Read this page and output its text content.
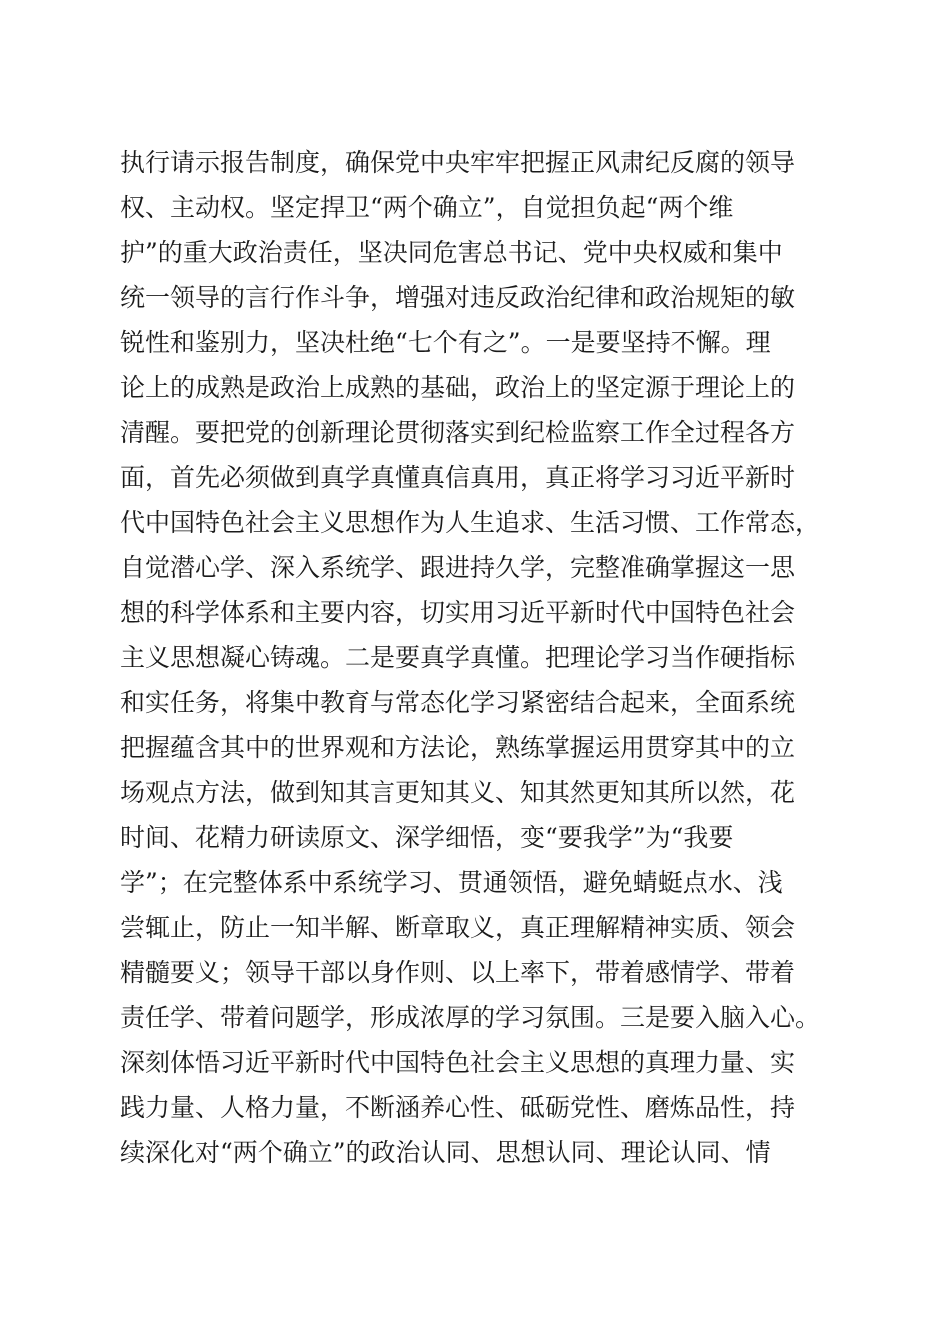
执行请示报告制度，确保党中央牢牢把握正风肃纪反腐的领导
权、主动权。坚定捍卫“两个确立”，自觉担负起“两个维
护”的重大政治责任，坚决同危害总书记、党中央权威和集中
统一领导的言行作斗争，增强对违反政治纪律和政治规矩的敏
锐性和鉴别力，坚决杜绝“七个有之”。一是要坚持不懈。理
论上的成熟是政治上成熟的基础，政治上的坚定源于理论上的
清醒。要把党的创新理论贯彻落实到纪检监察工作全过程各方
面，首先必须做到真学真懂真信真用，真正将学习习近平新时
代中国特色社会主义思想作为人生追求、生活习惯、工作常态，
自觉潜心学、深入系统学、跟进持久学，完整准确掌握这一思
想的科学体系和主要内容，切实用习近平新时代中国特色社会
主义思想凝心铸魂。二是要真学真懂。把理论学习当作硬指标
和实任务，将集中教育与常态化学习紧密结合起来，全面系统
把握蕴含其中的世界观和方法论，熟练掌握运用贯穿其中的立
场观点方法，做到知其言更知其义、知其然更知其所以然，花
时间、花精力研读原文、深学细悟，变“要我学”为“我要
学”；在完整体系中系统学习、贯通领悟，避免蜻蜓点水、浅
尝辄止，防止一知半解、断章取义，真正理解精神实质、领会
精髓要义；领导干部以身作则、以上率下，带着感情学、带着
责任学、带着问题学，形成浓厚的学习氛围。三是要入脑入心。
深刻体悟习近平新时代中国特色社会主义思想的真理力量、实
践力量、人格力量，不断涵养心性、砥砺党性、磨炼品性，持
续深化对“两个确立”的政治认同、思想认同、理论认同、情
